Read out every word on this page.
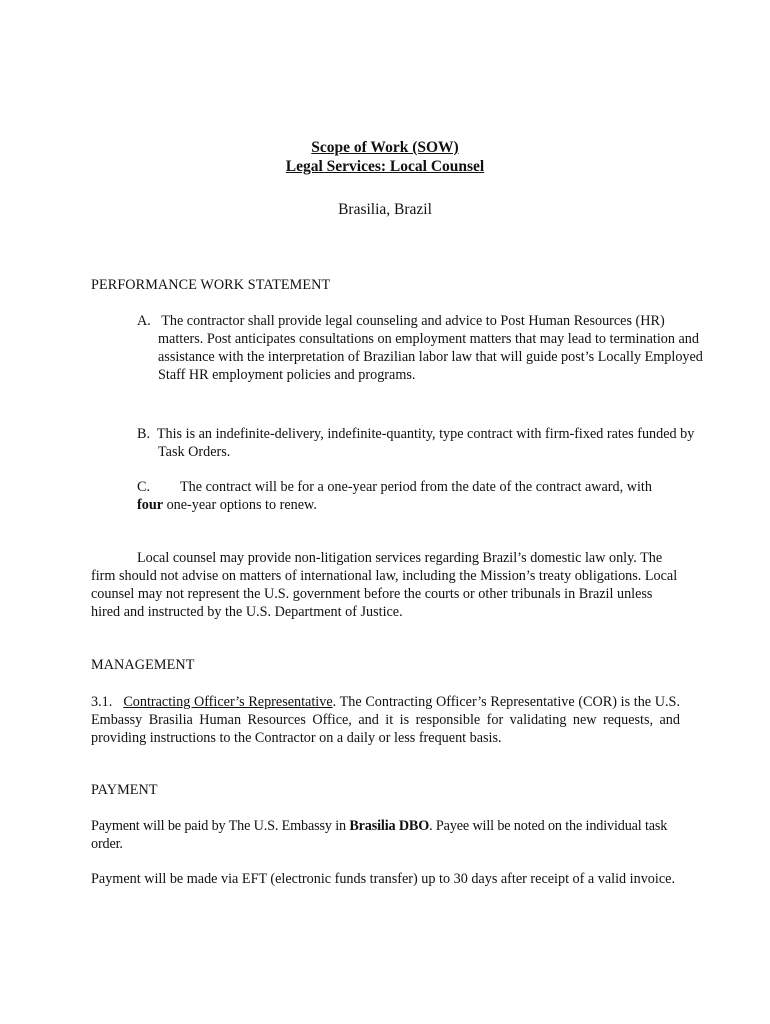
Scope of Work (SOW)
Legal Services: Local Counsel
Brasilia, Brazil
PERFORMANCE WORK STATEMENT
A. The contractor shall provide legal counseling and advice to Post Human Resources (HR) matters. Post anticipates consultations on employment matters that may lead to termination and assistance with the interpretation of Brazilian labor law that will guide post’s Locally Employed Staff HR employment policies and programs.
B. This is an indefinite-delivery, indefinite-quantity, type contract with firm-fixed rates funded by Task Orders.
C. The contract will be for a one-year period from the date of the contract award, with four one-year options to renew.
Local counsel may provide non-litigation services regarding Brazil’s domestic law only. The firm should not advise on matters of international law, including the Mission’s treaty obligations. Local counsel may not represent the U.S. government before the courts or other tribunals in Brazil unless hired and instructed by the U.S. Department of Justice.
MANAGEMENT
3.1. Contracting Officer’s Representative. The Contracting Officer’s Representative (COR) is the U.S. Embassy Brasilia Human Resources Office, and it is responsible for validating new requests, and providing instructions to the Contractor on a daily or less frequent basis.
PAYMENT
Payment will be paid by The U.S. Embassy in Brasilia DBO. Payee will be noted on the individual task order.
Payment will be made via EFT (electronic funds transfer) up to 30 days after receipt of a valid invoice.
